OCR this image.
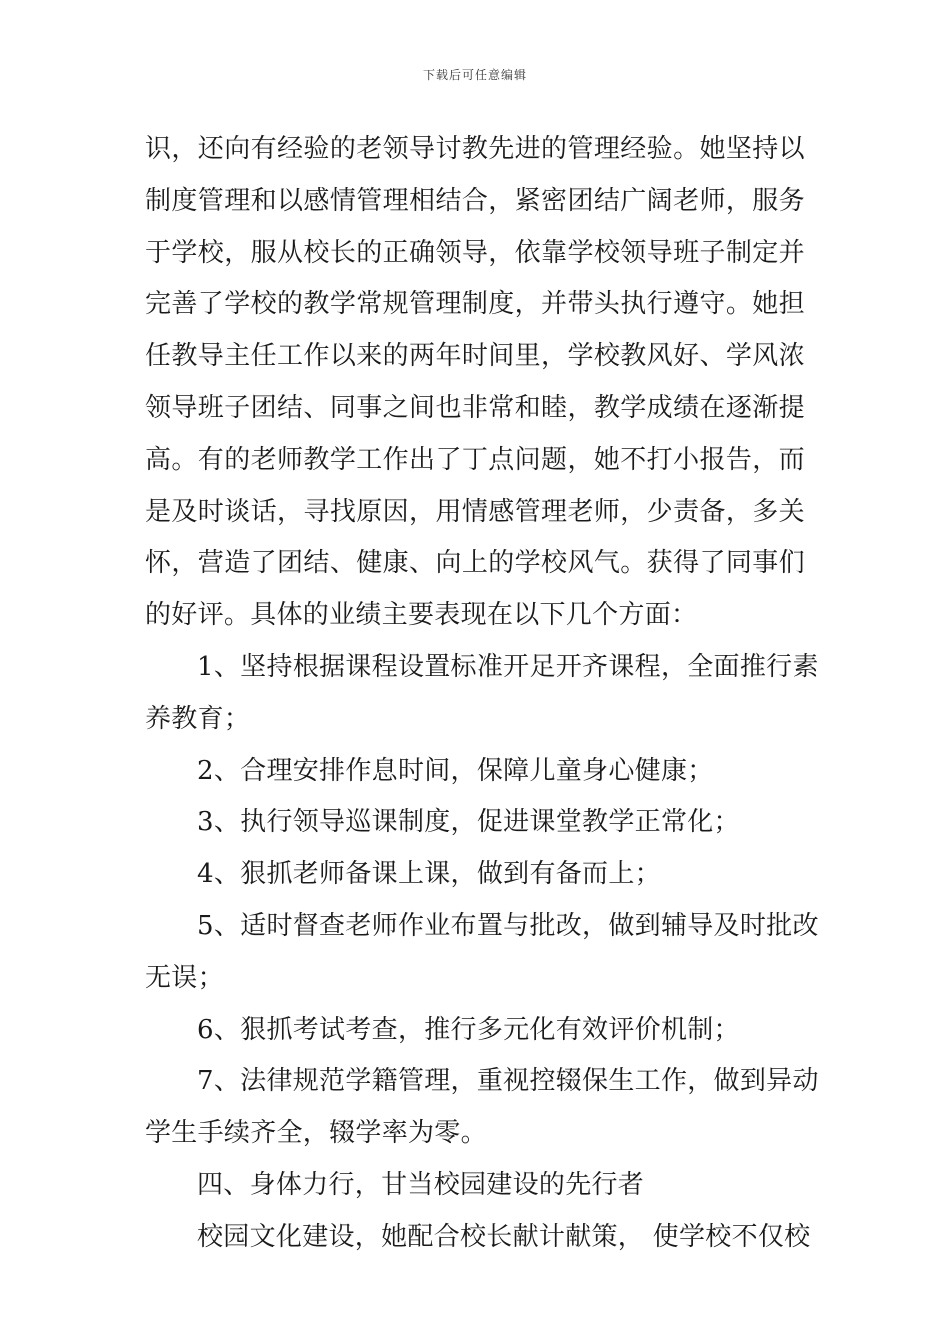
下载后可任意编辑
识，还向有经验的老领导讨教先进的管理经验。她坚持以
制度管理和以感情管理相结合，紧密团结广阔老师，服务
于学校，服从校长的正确领导，依靠学校领导班子制定并
完善了学校的教学常规管理制度，并带头执行遵守。她担
任教导主任工作以来的两年时间里，学校教风好、学风浓
领导班子团结、同事之间也非常和睦，教学成绩在逐渐提
高。有的老师教学工作出了丁点问题，她不打小报告，而
是及时谈话，寻找原因，用情感管理老师，少责备，多关
怀，营造了团结、健康、向上的学校风气。获得了同事们
的好评。具体的业绩主要表现在以下几个方面：
1、坚持根据课程设置标准开足开齐课程，全面推行素
养教育；
2、合理安排作息时间，保障儿童身心健康；
3、执行领导巡课制度，促进课堂教学正常化；
4、狠抓老师备课上课，做到有备而上；
5、适时督查老师作业布置与批改，做到辅导及时批改
无误；
6、狠抓考试考查，推行多元化有效评价机制；
7、法律规范学籍管理，重视控辍保生工作，做到异动
学生手续齐全，辍学率为零。
四、身体力行，甘当校园建设的先行者
校园文化建设，她配合校长献计献策， 使学校不仅校
